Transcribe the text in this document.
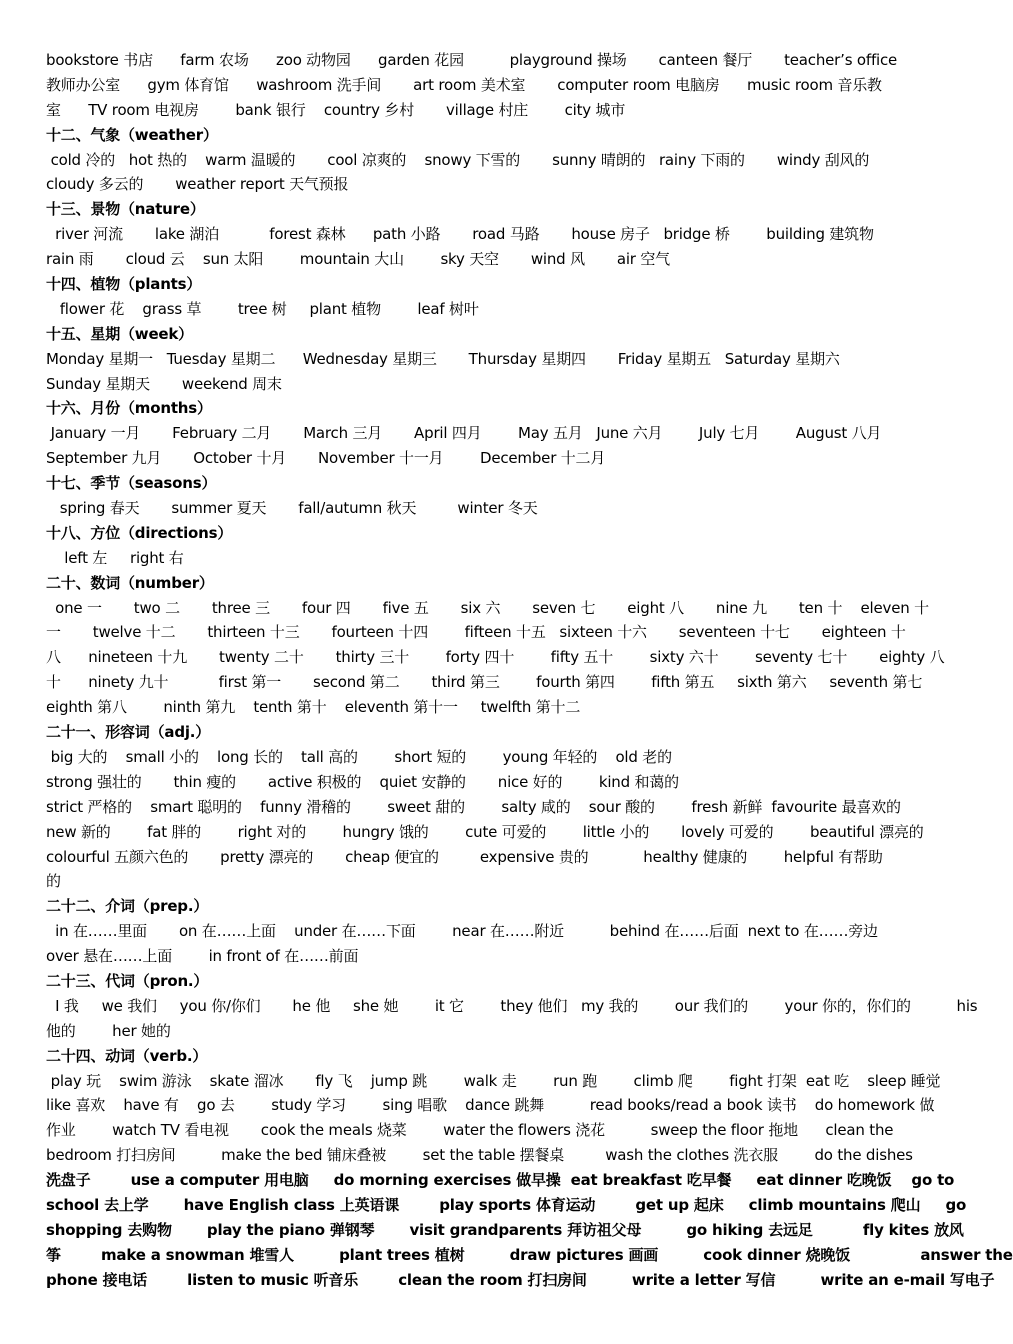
bookstore 书店      farm 农场      zoo 动物园      garden 花园          playground 操场       canteen 餐厅       teacher’s office
教师办公室      gym 体育馆      washroom 洗手间       art room 美术室       computer room 电脑房      music room 音乐教
室      TV room 电视房        bank 银行    country 乡村       village 村庄        city 城市
十二、气象（weather）
cold 冷的   hot 热的    warm 温暖的       cool 凉爽的    snowy 下雪的       sunny 晴朗的   rainy 下雨的       windy 刮风的
cloudy 多云的       weather report 天气预报
十三、景物（nature）
river 河流       lake 湖泊           forest 森林      path 小路       road 马路       house 房子   bridge 桥        building 建筑物
rain 雨       cloud 云    sun 太阳        mountain 大山        sky 天空       wind 风       air 空气
十四、植物（plants）
flower 花    grass 草        tree 树     plant 植物        leaf 树叶
十五、星期（week）
Monday 星期一   Tuesday 星期二      Wednesday 星期三       Thursday 星期四       Friday 星期五   Saturday 星期六
Sunday 星期天       weekend 周末
十六、月份（months）
January 一月       February 二月       March 三月       April 四月        May 五月   June 六月        July 七月        August 八月
September 九月       October 十月       November 十一月        December 十二月
十七、季节（seasons）
spring 春天       summer 夏天       fall/autumn 秋天         winter 冬天
十八、方位（directions）
left 左     right 右
二十、数词（number）
one 一       two 二       three 三       four 四       five 五       six 六       seven 七       eight 八       nine 九       ten 十    eleven 十
一       twelve 十二       thirteen 十三       fourteen 十四        fifteen 十五   sixteen 十六       seventeen 十七       eighteen 十
八      nineteen 十九       twenty 二十       thirty 三十        forty 四十        fifty 五十        sixty 六十        seventy 七十       eighty 八
十      ninety 九十           first 第一       second 第二       third 第三        fourth 第四        fifth 第五     sixth 第六     seventh 第七
eighth 第八        ninth 第九    tenth 第十    eleventh 第十一     twelfth 第十二
二十一、形容词（adj.）
big 大的    small 小的    long 长的    tall 高的        short 短的        young 年轻的    old 老的
strong 强壮的       thin 瘦的       active 积极的    quiet 安静的       nice 好的        kind 和蔼的
strict 严格的    smart 聪明的    funny 滑稽的        sweet 甜的        salty 咸的    sour 酸的        fresh 新鲜  favourite 最喜欢的
new 新的        fat 胖的        right 对的        hungry 饿的        cute 可爱的        little 小的       lovely 可爱的        beautiful 漂亮的
colourful 五颜六色的       pretty 漂亮的       cheap 便宜的         expensive 贵的            healthy 健康的        helpful 有帮助
的
二十二、介词（prep.）
in 在……里面       on 在……上面    under 在……下面        near 在……附近          behind 在……后面  next to 在……旁边
over 悬在……上面        in front of 在……前面
二十三、代词（pron.）
I 我     we 我们     you 你/你们       he 他     she 她        it 它        they 他们   my 我的        our 我们的        your 你的，你们的          his
他的        her 她的
二十四、动词（verb.）
play 玩    swim 游泳    skate 溜冰       fly 飞    jump 跳        walk 走        run 跑        climb 爬        fight 打架  eat 吃    sleep 睡觉
like 喜欢    have 有    go 去        study 学习        sing 唱歌    dance 跳舞          read books/read a book 读书    do homework 做
作业        watch TV 看电视       cook the meals 烧菜        water the flowers 浇花          sweep the floor 拖地      clean the
bedroom 打扫房间          make the bed 铺床叠被        set the table 摆餐桌         wash the clothes 洗衣服        do the dishes
洗盘子        use a computer 用电脑     do morning exercises 做早操  eat breakfast 吃早餐     eat dinner 吃晚饭    go to
school 去上学       have English class 上英语课        play sports 体育运动        get up 起床     climb mountains 爬山     go
shopping 去购物       play the piano 弹钢琴       visit grandparents 拜访祖父母         go hiking 去远足          fly kites 放风
筝        make a snowman 堆雪人         plant trees 植树         draw pictures 画画         cook dinner 烧晚饭              answer the
phone 接电话        listen to music 听音乐        clean the room 打扫房间         write a letter 写信         write an e-mail 写电子
